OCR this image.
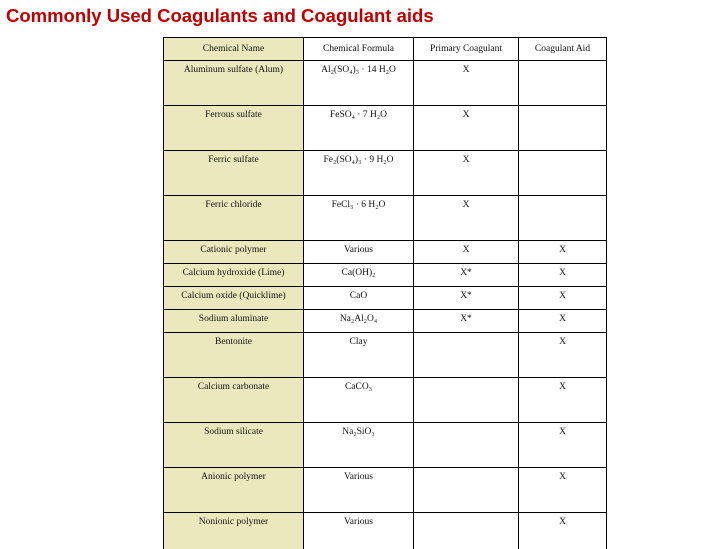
Commonly Used Coagulants and Coagulant aids
Chemical Name	Chemical Formula	Primary Coagulant	Coagulant Aid
Aluminum sulfate (Alum)	Al₂(SO₄)₃ · 14 H₂O	X	
Ferrous sulfate	FeSO₄ · 7 H₂O	X	
Ferric sulfate	Fe₂(SO₄)₃ · 9 H₂O	X	
Ferric chloride	FeCl₃ · 6 H₂O	X	
Cationic polymer	Various	X	X
Calcium hydroxide (Lime)	Ca(OH)₂	X*	X
Calcium oxide (Quicklime)	CaO	X*	X
Sodium aluminate	Na₂Al₂O₄	X*	X
Bentonite	Clay		X
Calcium carbonate	CaCO₃		X
Sodium silicate	Na₂SiO₃		X
Anionic polymer	Various		X
Nonionic polymer	Various		X
